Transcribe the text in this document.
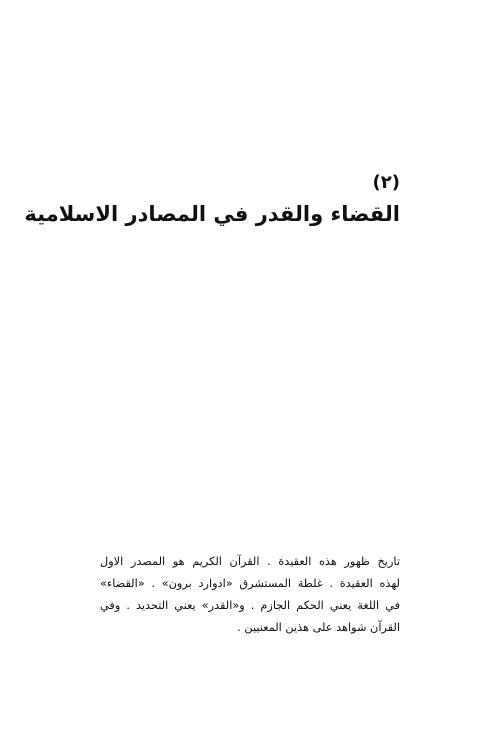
(٢)
القضاء والقدر في المصادر الاسلامية
تاريخ ظهور هذه العقيدة . القرآن الكريم هو المصدر الاول
لهذه العقيدة . غلطة المستشرق «ادوارد برون» . «القضاء»
في اللغة يعني الحكم الجازم . و«القدر» يعني التحديد . وفي
القرآن شواهد على هذين المعنيين .
